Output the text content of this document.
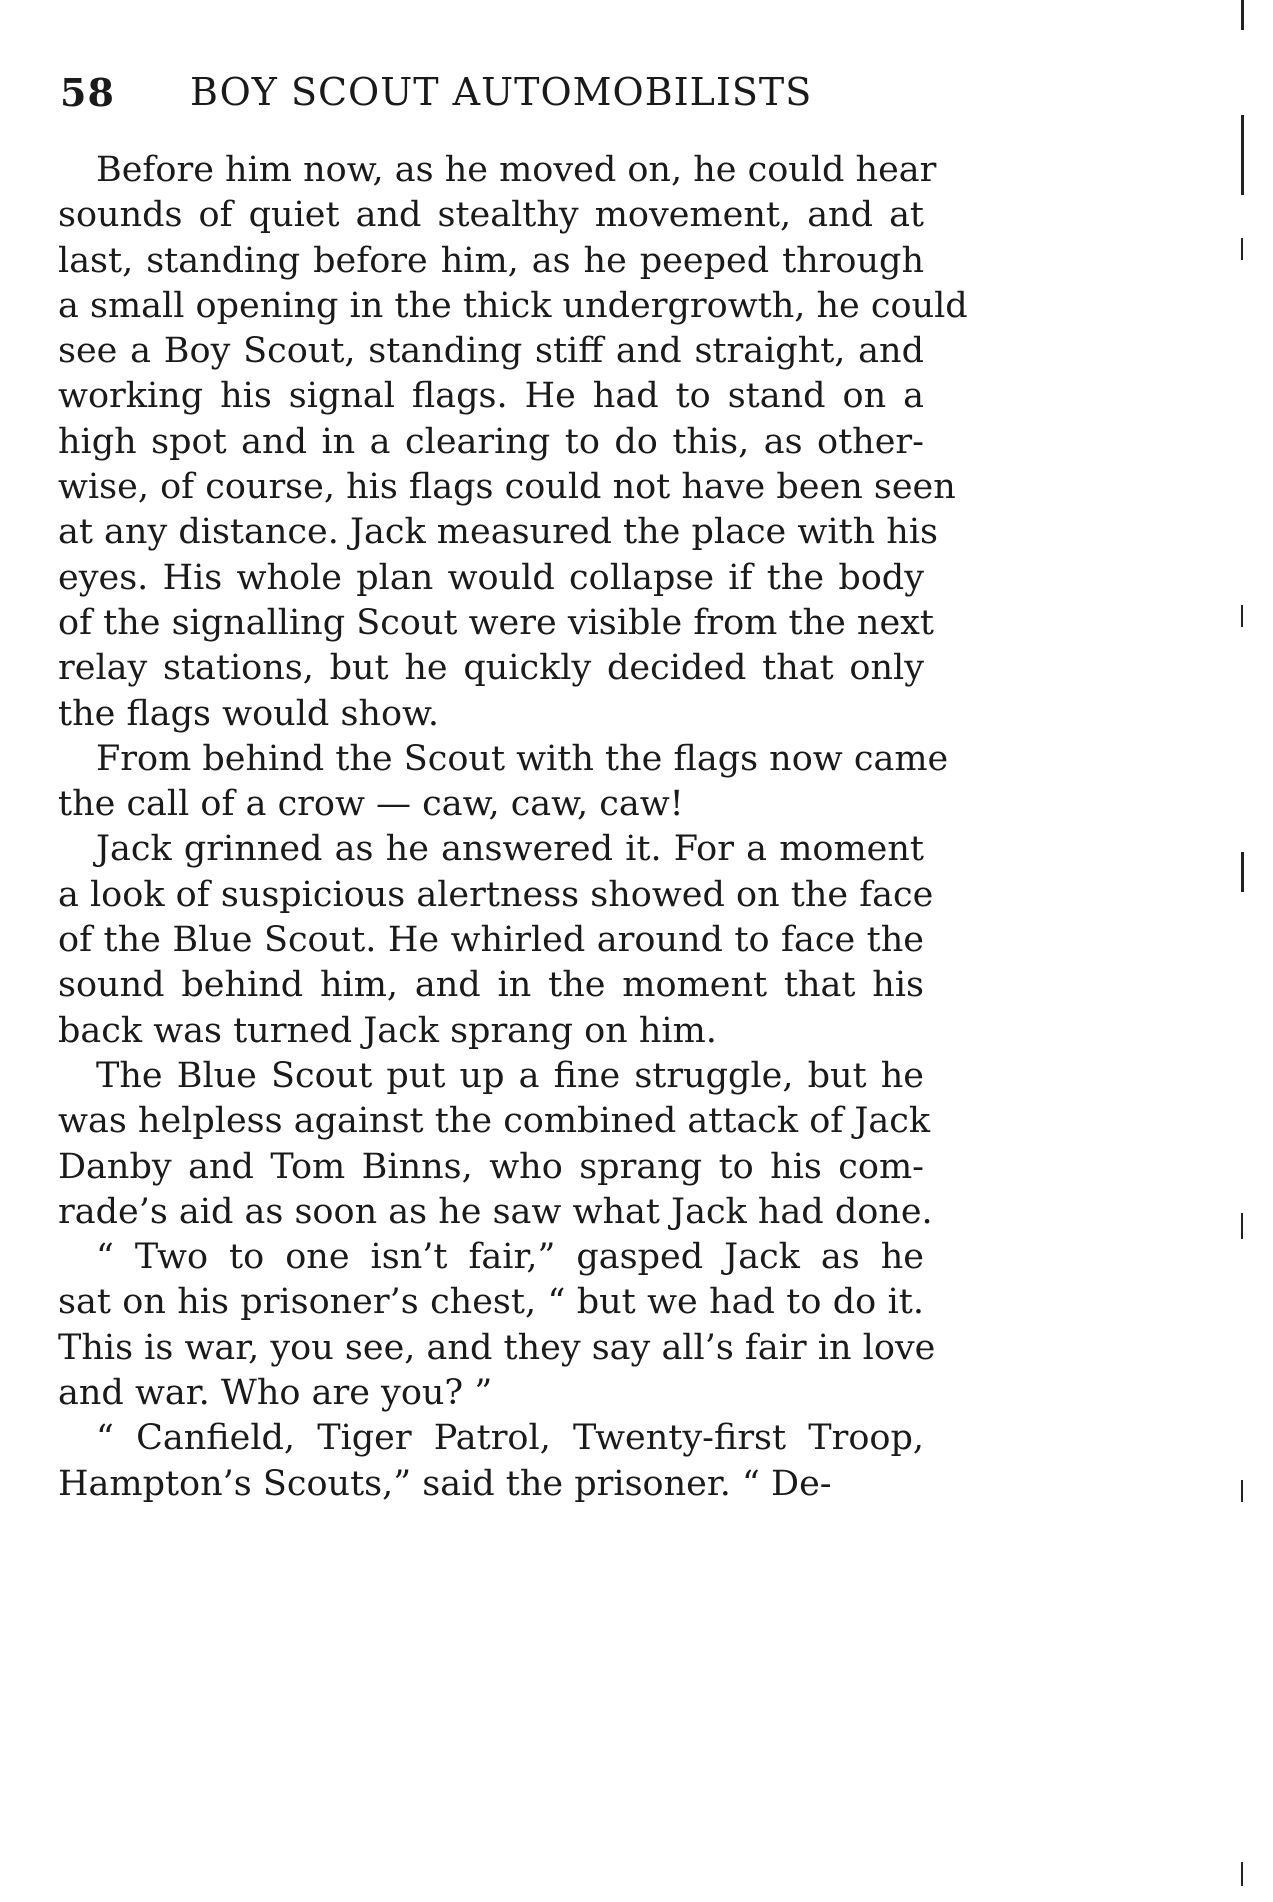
58 BOY SCOUT AUTOMOBILISTS
Before him now, as he moved on, he could hear
sounds of quiet and stealthy movement, and at
last, standing before him, as he peeped through
a small opening in the thick undergrowth, he could
see a Boy Scout, standing stiff and straight, and
working his signal flags. He had to stand on a
high spot and in a clearing to do this, as other-
wise, of course, his flags could not have been seen
at any distance. Jack measured the place with his
eyes. His whole plan would collapse if the body
of the signalling Scout were visible from the next
relay stations, but he quickly decided that only
the flags would show.
From behind the Scout with the flags now came
the call of a crow — caw, caw, caw!
Jack grinned as he answered it. For a moment
a look of suspicious alertness showed on the face
of the Blue Scout. He whirled around to face the
sound behind him, and in the moment that his
back was turned Jack sprang on him.
The Blue Scout put up a fine struggle, but he
was helpless against the combined attack of Jack
Danby and Tom Binns, who sprang to his com-
rade’s aid as soon as he saw what Jack had done.
“ Two to one isn’t fair,” gasped Jack as he
sat on his prisoner’s chest, “ but we had to do it.
This is war, you see, and they say all’s fair in love
and war. Who are you? ”
“ Canfield, Tiger Patrol, Twenty-first Troop,
Hampton’s Scouts,” said the prisoner. “ De-
